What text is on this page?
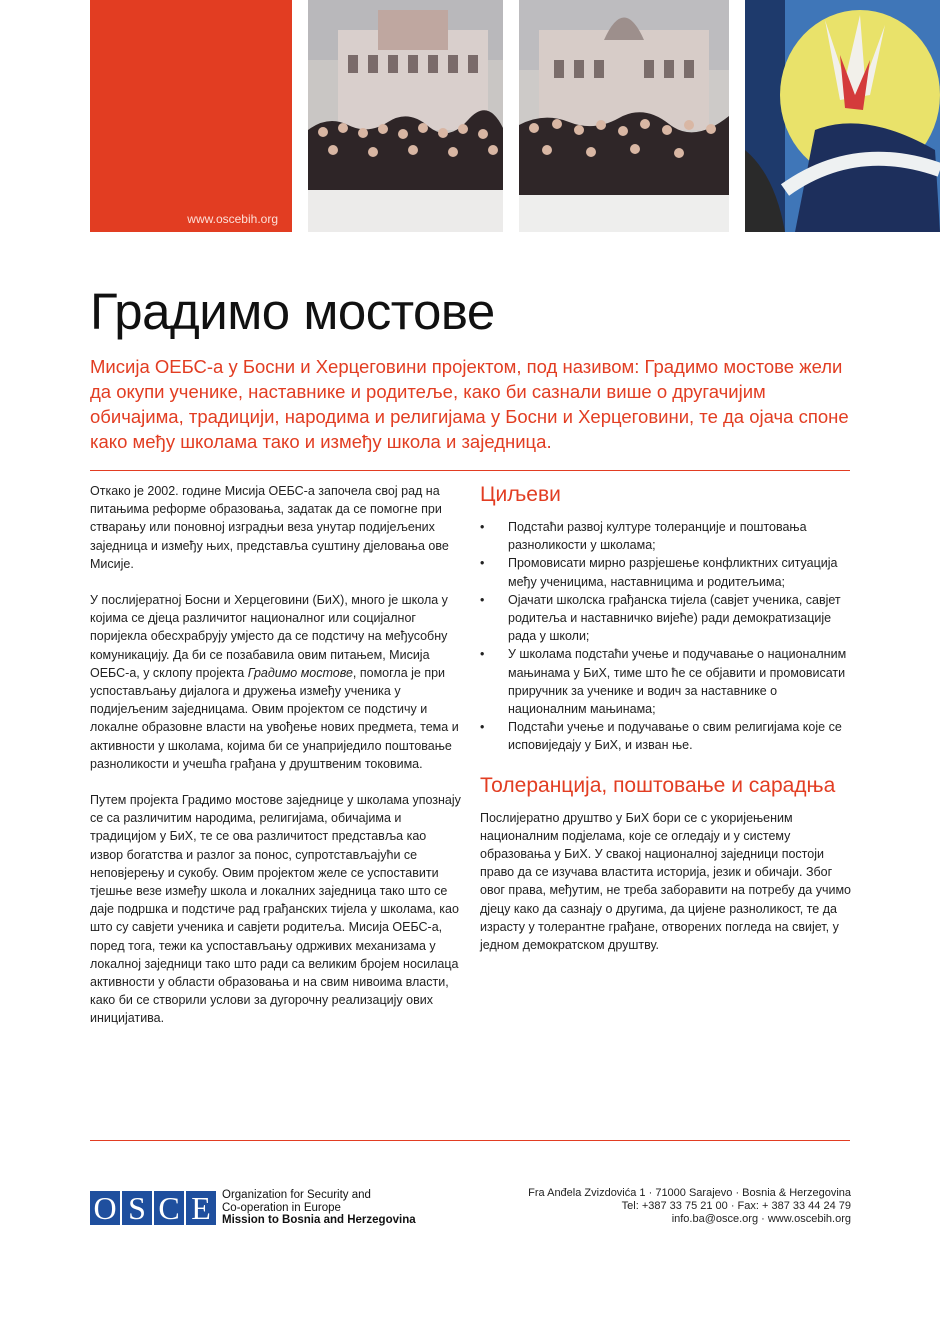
www.oscebih.org
Градимо мостове
Мисија ОЕБС-а у Босни и Херцеговини пројектом, под називом: Градимо мостове жели да окупи ученике, наставнике и родитеље, како би сазнали више о другачијим обичајима, традицији, народима и религијама у Босни и Херцеговини, те да ојача споне како међу школама тако и између школа и заједница.

Откако је 2002. године Мисија ОЕБС-а започела свој рад на питањима реформе образовања, задатак да се помогне при стварању или поновној изградњи веза унутар подијељених заједница и између њих, представља суштину дјеловања ове Мисије.

У послијератној Босни и Херцеговини (БиХ), много је школа у којима се дјеца различитог националног или социјалног поријекла обесхрабрују умјесто да се подстичу на међусобну комуникацију. Да би се позабавила овим питањем, Мисија ОЕБС-а, у склопу пројекта Градимо мостове, помогла је при успостављању дијалога и дружења између ученика у подијељеним заједницама. Овим пројектом се подстичу и локалне образовне власти на увођење нових предмета, тема и активности у школама, којима би се унаприједило поштовање разноликости и учешћа грађана у друштвеним токовима.

Путем пројекта Градимо мостове заједнице у школама упознају се са различитим народима, религијама, обичајима и традицијом у БиХ, те се ова различитост представља као извор богатства и разлог за понос, супротстављајући се неповјерењу и сукобу. Овим пројектом желе се успоставити тјешње везе између школа и локалних заједница тако што се даје подршка и подстиче рад грађанских тијела у школама, као што су савјети ученика и савјети родитеља. Мисија ОЕБС-а, поред тога, тежи ка успостављању одрживих механизама у локалној заједници тако што ради са великим бројем носилаца активности у области образовања и на свим нивоима власти, како би се створили услови за дугорочну реализацију ових иницијатива.

Циљеви
• Подстаћи развој културе толеранције и поштовања разноликости у школама;
• Промовисати мирно разрјешење конфликтних ситуација међу ученицима, наставницима и родитељима;
• Ојачати школска грађанска тијела (савјет ученика, савјет родитеља и наставничко вијеће) ради демократизације рада у школи;
• У школама подстаћи учење и подучавање о националним мањинама у БиХ, тиме што ће се објавити и промовисати приручник за ученике и водич за наставнике о националним мањинама;
• Подстаћи учење и подучавање о свим религијама које се исповиједају у БиХ, и изван ње.
Толеранција, поштовање и сарадња

Послијератно друштво у БиХ бори се с укоријењеним националним подјелама, које се огледају и у систему образовања у БиХ. У свакој националној заједници постоји право да се изучава властита историја, језик и обичаји. Због овог права, међутим, не треба заборавити на потребу да учимо дјецу како да сазнају о другима, да цијене разноликост, те да израсту у толерантне грађане, отворених погледа на свијет, у једном демократском друштву.

O S C E Organization for Security and
Co-operation in Europe
Mission to Bosnia and Herzegovina
Fra Anđela Zvizdovića 1 · 71000 Sarajevo · Bosnia & Herzegovina
Tel: +387 33 75 21 00 · Fax: + 387 33 44 24 79
info.ba@osce.org · www.oscebih.org
